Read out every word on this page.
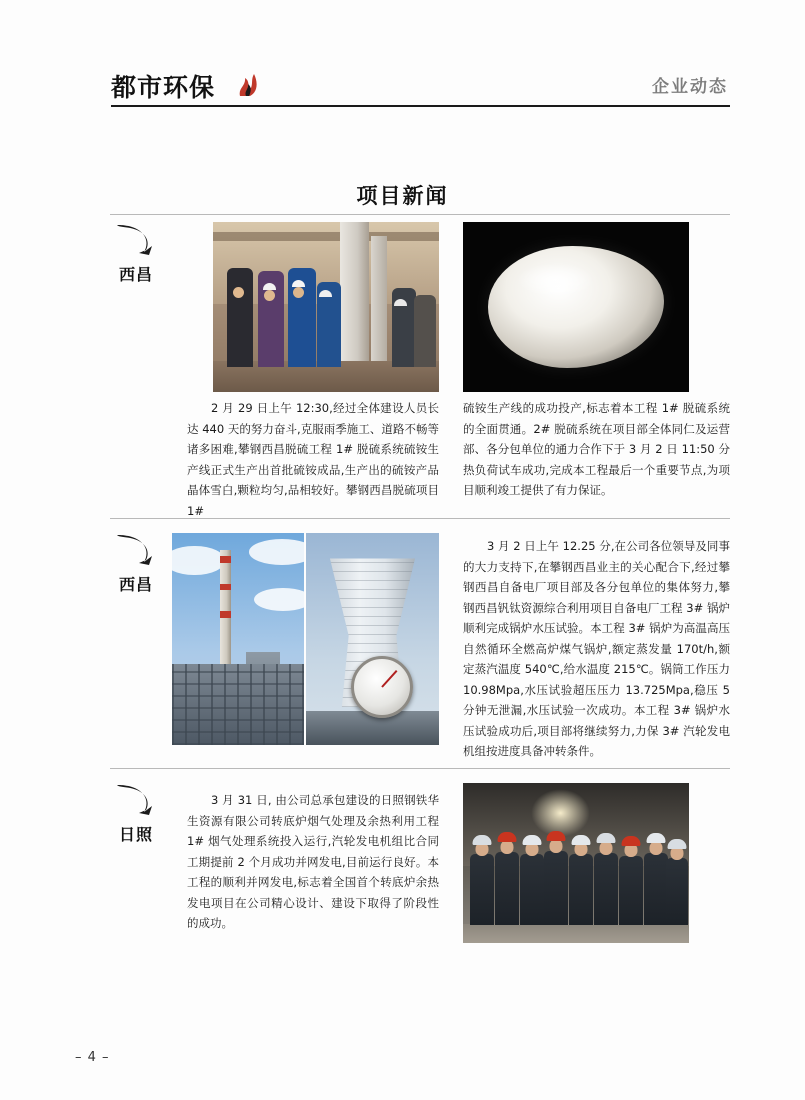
都市环保	企业动态
项目新闻
西昌
2 月 29 日上午 12:30,经过全体建设人员长达 440 天的努力奋斗,克服雨季施工、道路不畅等诸多困难,攀钢西昌脱硫工程 1# 脱硫系统硫铵生产线正式生产出首批硫铵成品,生产出的硫铵产品晶体雪白,颗粒均匀,品相较好。攀钢西昌脱硫项目 1#
硫铵生产线的成功投产,标志着本工程 1# 脱硫系统的全面贯通。2# 脱硫系统在项目部全体同仁及运营部、各分包单位的通力合作下于 3 月 2 日 11:50 分热负荷试车成功,完成本工程最后一个重要节点,为项目顺利竣工提供了有力保证。
西昌
3 月 2 日上午 12.25 分,在公司各位领导及同事的大力支持下,在攀钢西昌业主的关心配合下,经过攀钢西昌自备电厂项目部及各分包单位的集体努力,攀钢西昌钒钛资源综合利用项目自备电厂工程 3# 锅炉顺利完成锅炉水压试验。本工程 3# 锅炉为高温高压自然循环全燃高炉煤气锅炉,额定蒸发量 170t/h,额定蒸汽温度 540℃,给水温度 215℃。锅筒工作压力 10.98Mpa,水压试验超压压力 13.725Mpa,稳压 5 分钟无泄漏,水压试验一次成功。本工程 3# 锅炉水压试验成功后,项目部将继续努力,力保 3# 汽轮发电机组按进度具备冲转条件。
日照
3 月 31 日, 由公司总承包建设的日照钢铁华生资源有限公司转底炉烟气处理及余热利用工程 1# 烟气处理系统投入运行,汽轮发电机组比合同工期提前 2 个月成功并网发电,目前运行良好。本工程的顺利并网发电,标志着全国首个转底炉余热发电项目在公司精心设计、建设下取得了阶段性的成功。
– 4 –
